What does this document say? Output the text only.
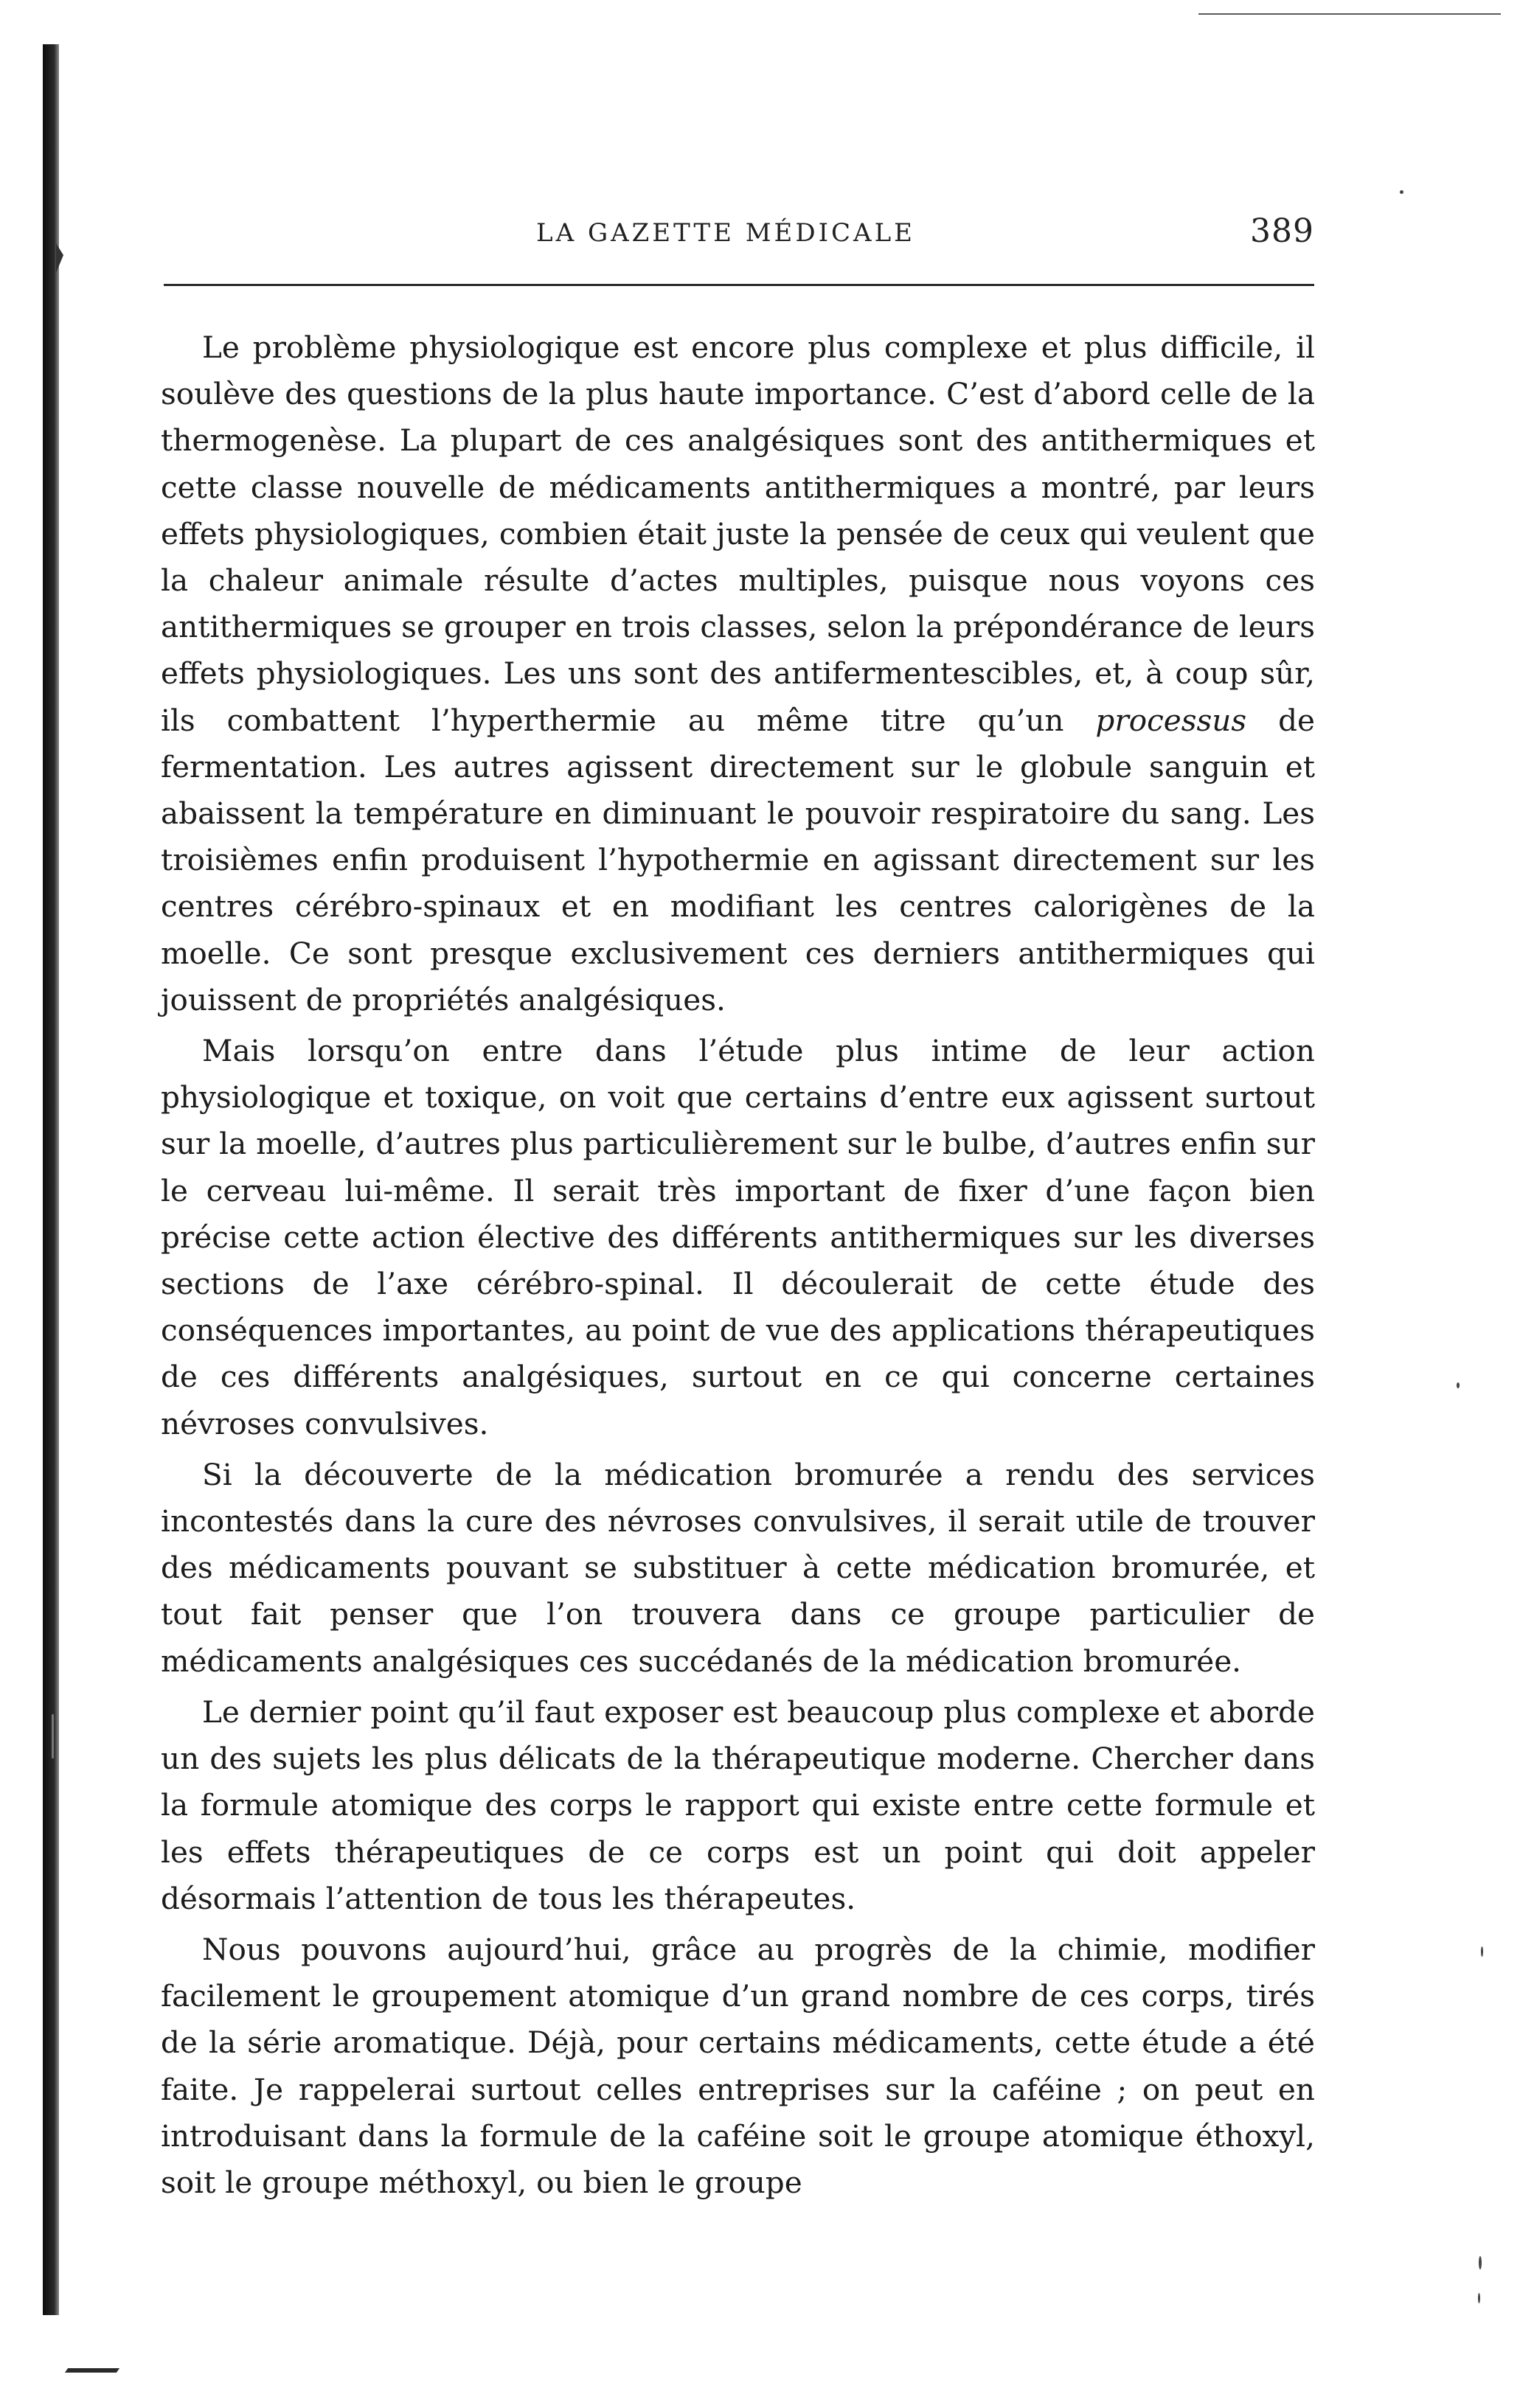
LA GAZETTE MÉDICALE	389

Le problème physiologique est encore plus complexe et plus difficile, il soulève des questions de la plus haute importance. C’est d’abord celle de la thermogenèse. La plupart de ces analgésiques sont des antithermiques et cette classe nouvelle de médicaments antithermiques a montré, par leurs effets physiologiques, combien était juste la pensée de ceux qui veulent que la chaleur animale résulte d’actes multiples, puisque nous voyons ces antithermiques se grouper en trois classes, selon la prépondérance de leurs effets physiologiques. Les uns sont des antifermentescibles, et, à coup sûr, ils combattent l’hyperthermie au même titre qu’un processus de fermentation. Les autres agissent directement sur le globule sanguin et abaissent la température en diminuant le pouvoir respiratoire du sang. Les troisièmes enfin produisent l’hypothermie en agissant directement sur les centres cérébro-spinaux et en modifiant les centres calorigènes de la moelle. Ce sont presque exclusivement ces derniers antithermiques qui jouissent de propriétés analgésiques.

Mais lorsqu’on entre dans l’étude plus intime de leur action physiologique et toxique, on voit que certains d’entre eux agissent surtout sur la moelle, d’autres plus particulièrement sur le bulbe, d’autres enfin sur le cerveau lui-même. Il serait très important de fixer d’une façon bien précise cette action élective des différents antithermiques sur les diverses sections de l’axe cérébro-spinal. Il découlerait de cette étude des conséquences importantes, au point de vue des applications thérapeutiques de ces différents analgésiques, surtout en ce qui concerne certaines névroses convulsives.

Si la découverte de la médication bromurée a rendu des services incontestés dans la cure des névroses convulsives, il serait utile de trouver des médicaments pouvant se substituer à cette médication bromurée, et tout fait penser que l’on trouvera dans ce groupe particulier de médicaments analgésiques ces succédanés de la médication bromurée.

Le dernier point qu’il faut exposer est beaucoup plus complexe et aborde un des sujets les plus délicats de la thérapeutique moderne. Chercher dans la formule atomique des corps le rapport qui existe entre cette formule et les effets thérapeutiques de ce corps est un point qui doit appeler désormais l’attention de tous les thérapeutes.

Nous pouvons aujourd’hui, grâce au progrès de la chimie, modifier facilement le groupement atomique d’un grand nombre de ces corps, tirés de la série aromatique. Déjà, pour certains médicaments, cette étude a été faite. Je rappelerai surtout celles entreprises sur la caféine ; on peut en introduisant dans la formule de la caféine soit le groupe atomique éthoxyl, soit le groupe méthoxyl, ou bien le groupe
